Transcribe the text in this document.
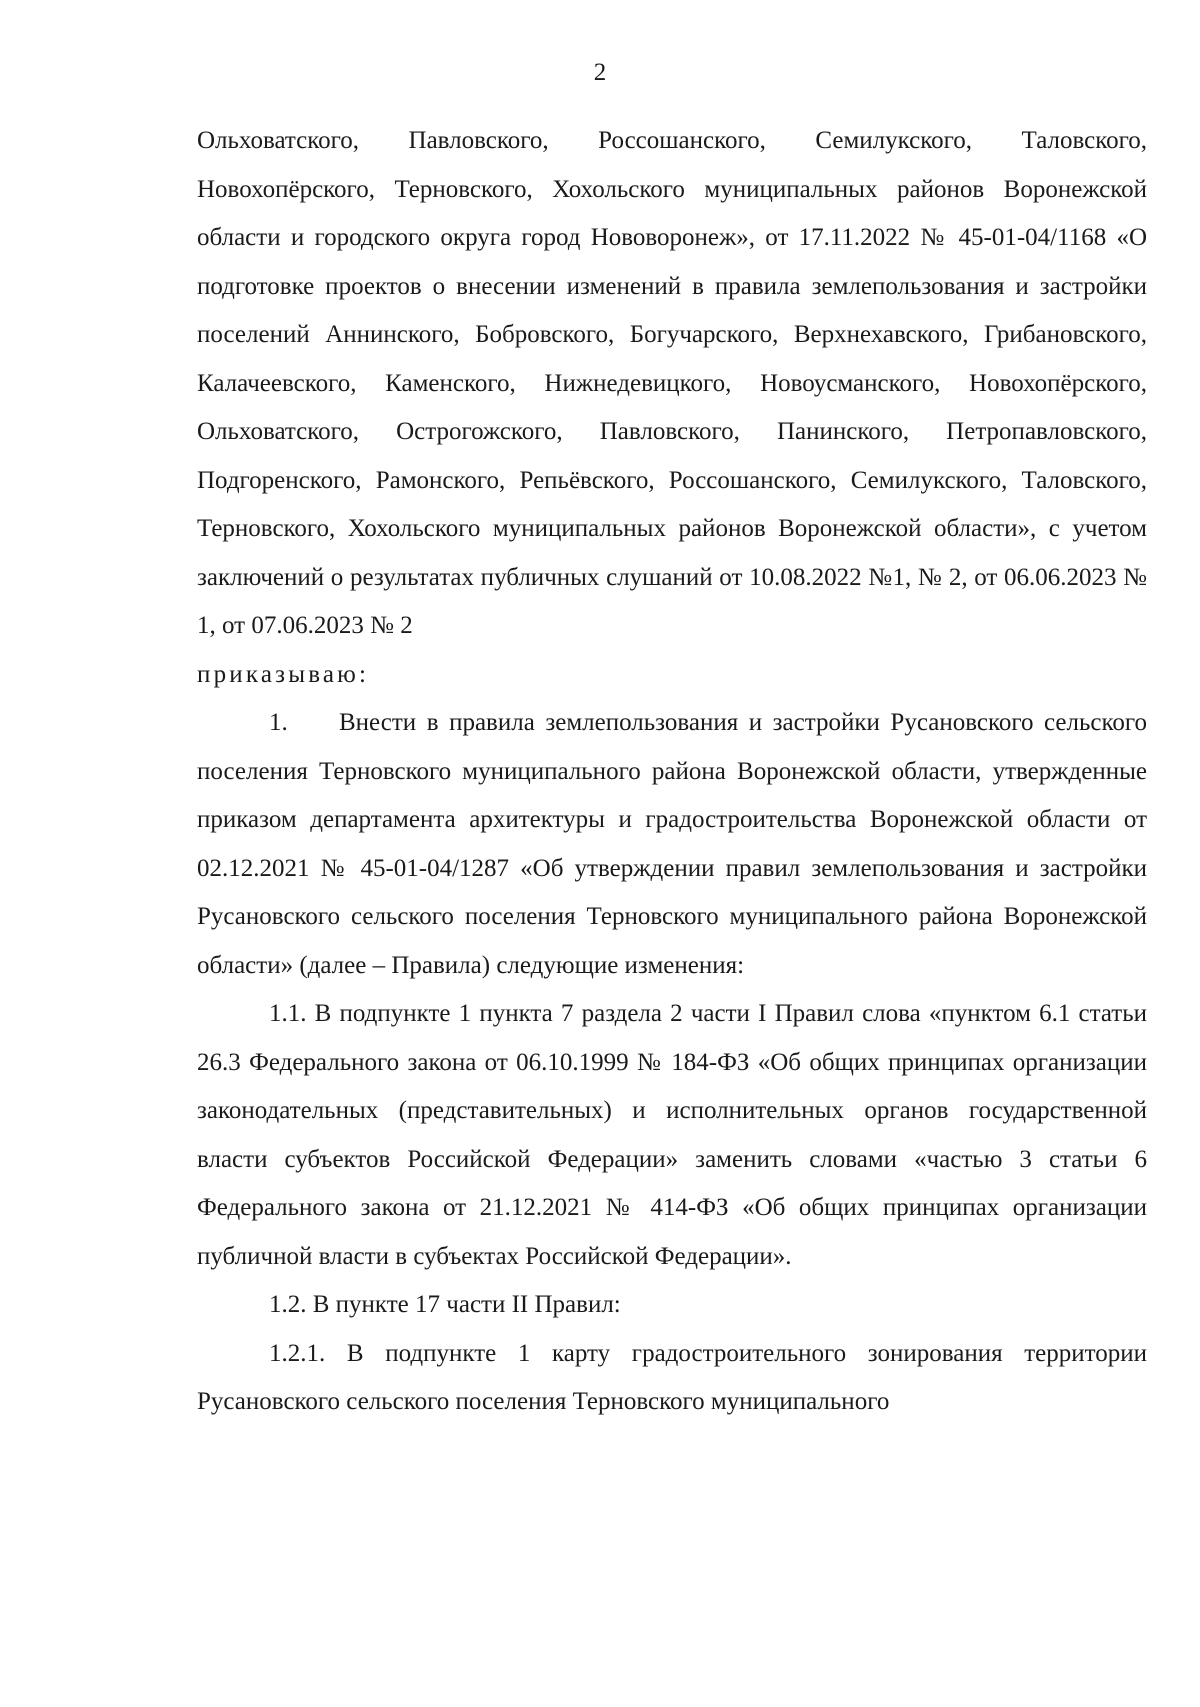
2

Ольховатского, Павловского, Россошанского, Семилукского, Таловского, Новохопёрского, Терновского, Хохольского муниципальных районов Воронежской области и городского округа город Нововоронеж», от 17.11.2022 № 45-01-04/1168 «О подготовке проектов о внесении изменений в правила землепользования и застройки поселений Аннинского, Бобровского, Богучарского, Верхнехавского, Грибановского, Калачеевского, Каменского, Нижнедевицкого, Новоусманского, Новохопёрского, Ольховатского, Острогожского, Павловского, Панинского, Петропавловского, Подгоренского, Рамонского, Репьёвского, Россошанского, Семилукского, Таловского, Терновского, Хохольского муниципальных районов Воронежской области», с учетом заключений о результатах публичных слушаний от 10.08.2022 №1, № 2, от 06.06.2023 № 1, от 07.06.2023 № 2

приказываю:

1. Внести в правила землепользования и застройки Русановского сельского поселения Терновского муниципального района Воронежской области, утвержденные приказом департамента архитектуры и градостроительства Воронежской области от 02.12.2021 № 45-01-04/1287 «Об утверждении правил землепользования и застройки Русановского сельского поселения Терновского муниципального района Воронежской области» (далее – Правила) следующие изменения:

1.1. В подпункте 1 пункта 7 раздела 2 части I Правил слова «пунктом 6.1 статьи 26.3 Федерального закона от 06.10.1999 № 184-ФЗ «Об общих принципах организации законодательных (представительных) и исполнительных органов государственной власти субъектов Российской Федерации» заменить словами «частью 3 статьи 6 Федерального закона от 21.12.2021 № 414-ФЗ «Об общих принципах организации публичной власти в субъектах Российской Федерации».

1.2. В пункте 17 части II Правил:

1.2.1. В подпункте 1 карту градостроительного зонирования территории Русановского сельского поселения Терновского муниципального
